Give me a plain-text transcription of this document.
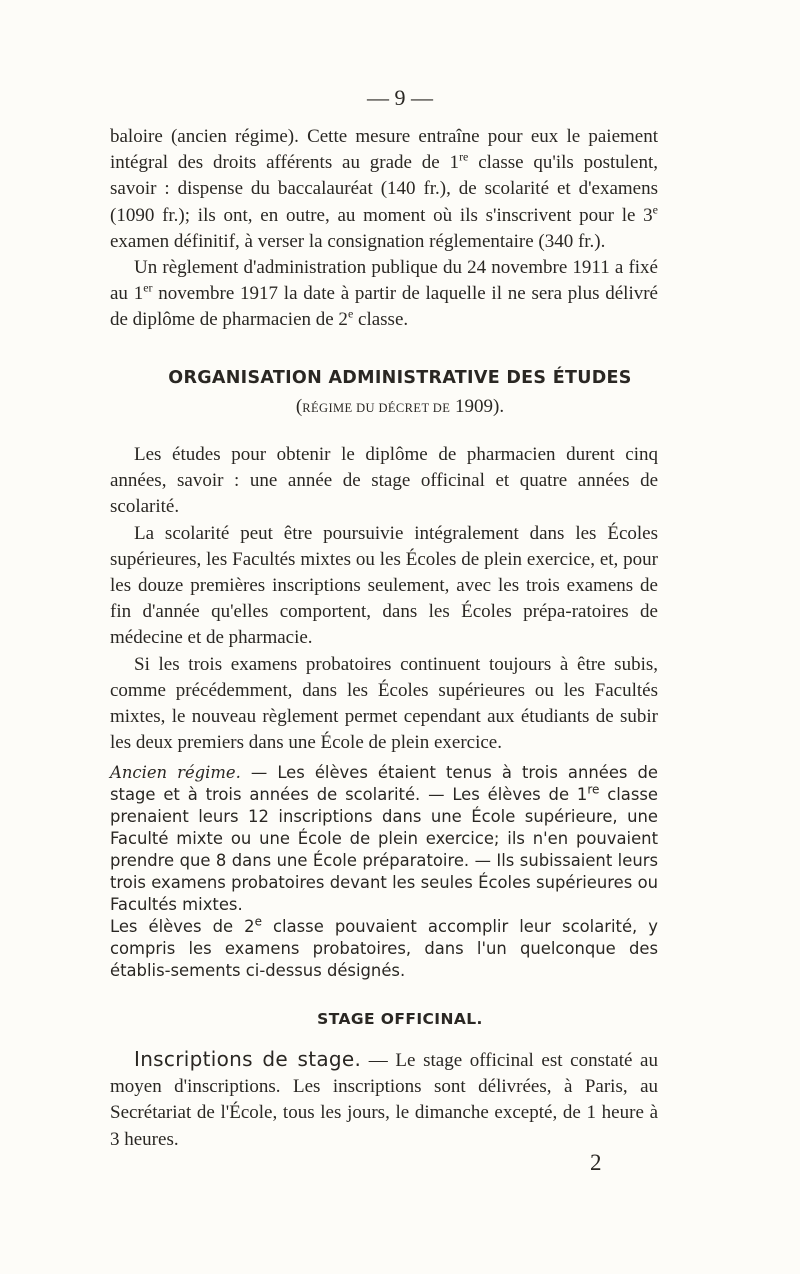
— 9 —

baloire (ancien régime). Cette mesure entraîne pour eux le paiement intégral des droits afférents au grade de 1re classe qu'ils postulent, savoir : dispense du baccalauréat (140 fr.), de scolarité et d'examens (1090 fr.); ils ont, en outre, au moment où ils s'inscrivent pour le 3e examen définitif, à verser la consignation réglementaire (340 fr.).

Un règlement d'administration publique du 24 novembre 1911 a fixé au 1er novembre 1917 la date à partir de laquelle il ne sera plus délivré de diplôme de pharmacien de 2e classe.

ORGANISATION ADMINISTRATIVE DES ÉTUDES
(RÉGIME DU DÉCRET DE 1909).

Les études pour obtenir le diplôme de pharmacien durent cinq années, savoir : une année de stage officinal et quatre années de scolarité.

La scolarité peut être poursuivie intégralement dans les Écoles supérieures, les Facultés mixtes ou les Écoles de plein exercice, et, pour les douze premières inscriptions seulement, avec les trois examens de fin d'année qu'elles comportent, dans les Écoles prépa-ratoires de médecine et de pharmacie.

Si les trois examens probatoires continuent toujours à être subis, comme précédemment, dans les Écoles supérieures ou les Facultés mixtes, le nouveau règlement permet cependant aux étudiants de subir les deux premiers dans une École de plein exercice.

Ancien régime. — Les élèves étaient tenus à trois années de stage et à trois années de scolarité. — Les élèves de 1re classe prenaient leurs 12 inscriptions dans une École supérieure, une Faculté mixte ou une École de plein exercice; ils n'en pouvaient prendre que 8 dans une École préparatoire. — Ils subissaient leurs trois examens probatoires devant les seules Écoles supérieures ou Facultés mixtes.

Les élèves de 2e classe pouvaient accomplir leur scolarité, y compris les examens probatoires, dans l'un quelconque des établis-sements ci-dessus désignés.

STAGE OFFICINAL.

Inscriptions de stage. — Le stage officinal est constaté au moyen d'inscriptions. Les inscriptions sont délivrées, à Paris, au Secrétariat de l'École, tous les jours, le dimanche excepté, de 1 heure à 3 heures.

2
